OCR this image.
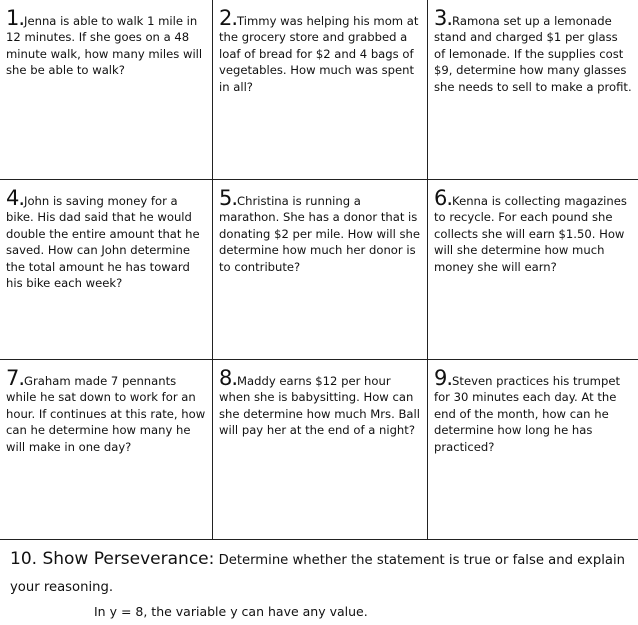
1.Jenna is able to walk 1 mile in 12 minutes. If she goes on a 48 minute walk, how many miles will she be able to walk?
2.Timmy was helping his mom at the grocery store and grabbed a loaf of bread for $2 and 4 bags of vegetables. How much was spent in all?
3.Ramona set up a lemonade stand and charged $1 per glass of lemonade. If the supplies cost $9, determine how many glasses she needs to sell to make a profit.
4.John is saving money for a bike. His dad said that he would double the entire amount that he saved. How can John determine the total amount he has toward his bike each week?
5.Christina is running a marathon. She has a donor that is donating $2 per mile. How will she determine how much her donor is to contribute?
6.Kenna is collecting magazines to recycle. For each pound she collects she will earn $1.50. How will she determine how much money she will earn?
7.Graham made 7 pennants while he sat down to work for an hour. If continues at this rate, how can he determine how many he will make in one day?
8.Maddy earns $12 per hour when she is babysitting. How can she determine how much Mrs. Ball will pay her at the end of a night?
9.Steven practices his trumpet for 30 minutes each day. At the end of the month, how can he determine how long he has practiced?
10. Show Perseverance: Determine whether the statement is true or false and explain your reasoning.
In y = 8, the variable y can have any value.
